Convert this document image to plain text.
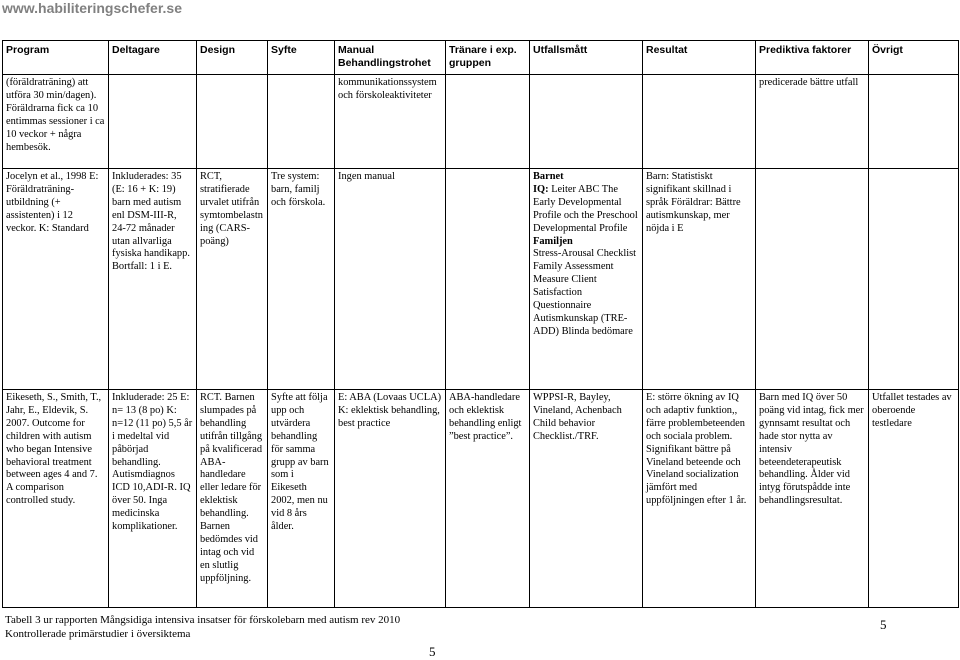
www.habiliteringschefer.se
Program	Deltagare	Design	Syfte	Manual Behandlingstrohet	Tränare i exp. gruppen	Utfallsmått	Resultat	Prediktiva faktorer	Övrigt
(föräldraträning) att utföra 30 min/dagen). Föräldrarna fick ca 10 entimmas sessioner i ca 10 veckor + några hembesök.				kommunikationssystem och förskoleaktiviteter				predicerade bättre utfall	
Jocelyn et al., 1998 E: Föräldraträning-utbildning (+ assistenten) i 12 veckor. K: Standard	Inkluderades: 35 (E: 16 + K: 19) barn med autism enl DSM-III-R, 24-72 månader utan allvarliga fysiska handikapp. Bortfall: 1 i E.	RCT, stratifierade urvalet utifrån symtombelastning (CARS-poäng)	Tre system: barn, familj och förskola.	Ingen manual		Barnet
IQ: Leiter ABC The Early Developmental Profile och the Preschool Developmental Profile
Familjen
Stress-Arousal Checklist Family Assessment Measure Client Satisfaction Questionnaire Autismkunskap (TRE-ADD) Blinda bedömare	Barn: Statistiskt signifikant skillnad i språk Föräldrar: Bättre autismkunskap, mer nöjda i E		
Eikeseth, S., Smith, T., Jahr, E., Eldevik, S. 2007. Outcome for children with autism who began Intensive behavioral treatment between ages 4 and 7. A comparison controlled study.	Inkluderade: 25 E: n= 13 (8 po) K: n=12 (11 po) 5,5 år i medeltal vid påbörjad behandling. Autismdiagnos ICD 10,ADI-R. IQ över 50. Inga medicinska komplikationer.	RCT. Barnen slumpades på behandling utifrån tillgång på kvalificerad ABA-handledare eller ledare för eklektisk behandling. Barnen bedömdes vid intag och vid en slutlig uppföljning.	Syfte att följa upp och utvärdera behandling för samma grupp av barn som i Eikeseth 2002, men nu vid 8 års ålder.	E: ABA (Lovaas UCLA) K: eklektisk behandling, best practice	ABA-handledare och eklektisk behandling enligt ”best practice”.	WPPSI-R, Bayley, Vineland, Achenbach Child behavior Checklist./TRF.	E: större ökning av IQ och adaptiv funktion,, färre problembeteenden och sociala problem. Signifikant bättre på Vineland beteende och Vineland socialization jämfört med uppföljningen efter 1 år.	Barn med IQ över 50 poäng vid intag, fick mer gynnsamt resultat och hade stor nytta av intensiv beteendeterapeutisk behandling. Ålder vid intyg förutspådde inte behandlingsresultat.	Utfallet testades av oberoende testledare
Tabell 3 ur rapporten Mångsidiga intensiva insatser för förskolebarn med autism rev 2010
Kontrollerade primärstudier i översiktema
5
5
